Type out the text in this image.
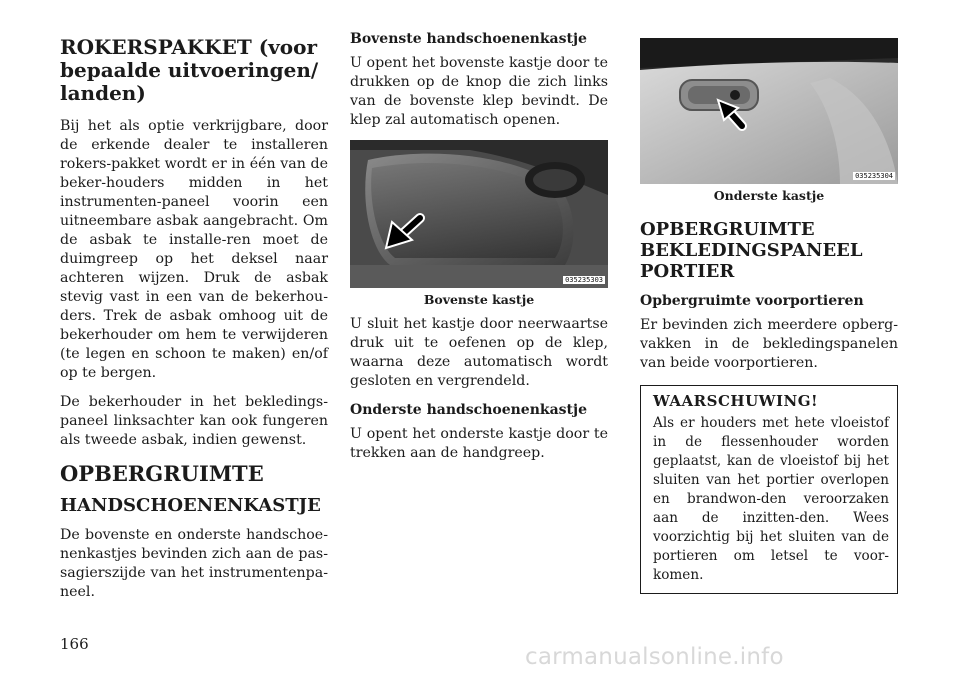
ROKERSPAKKET (voor bepaalde uitvoeringen/ landen)

Bij het als optie verkrijgbare, door de erkende dealer te installeren rokers-pakket wordt er in één van de beker-houders midden in het instrumenten-paneel voorin een uitneembare asbak aangebracht. Om de asbak te installe-ren moet de duimgreep op het deksel naar achteren wijzen. Druk de asbak stevig vast in een van de bekerhou-ders. Trek de asbak omhoog uit de bekerhouder om hem te verwijderen (te legen en schoon te maken) en/of op te bergen.

De bekerhouder in het bekledings-paneel linksachter kan ook fungeren als tweede asbak, indien gewenst.

OPBERGRUIMTE
HANDSCHOENENKASTJE

De bovenste en onderste handschoe-nenkastjes bevinden zich aan de pas-sagierszijde van het instrumentenpa-neel.

Bovenste handschoenenkastje

U opent het bovenste kastje door te drukken op de knop die zich links van de bovenste klep bevindt. De klep zal automatisch openen.

035235303
Bovenste kastje

U sluit het kastje door neerwaartse druk uit te oefenen op de klep, waarna deze automatisch wordt gesloten en vergrendeld.

Onderste handschoenenkastje

U opent het onderste kastje door te trekken aan de handgreep.

035235304
Onderste kastje
OPBERGRUIMTE BEKLEDINGSPANEEL PORTIER
Opbergruimte voorportieren

Er bevinden zich meerdere opberg-vakken in de bekledingspanelen van beide voorportieren.

WAARSCHUWING!

Als er houders met hete vloeistof in de flessenhouder worden geplaatst, kan de vloeistof bij het sluiten van het portier overlopen en brandwon-den veroorzaken aan de inzitten-den. Wees voorzichtig bij het sluiten van de portieren om letsel te voor-komen.

166	carmanualsonline.info
